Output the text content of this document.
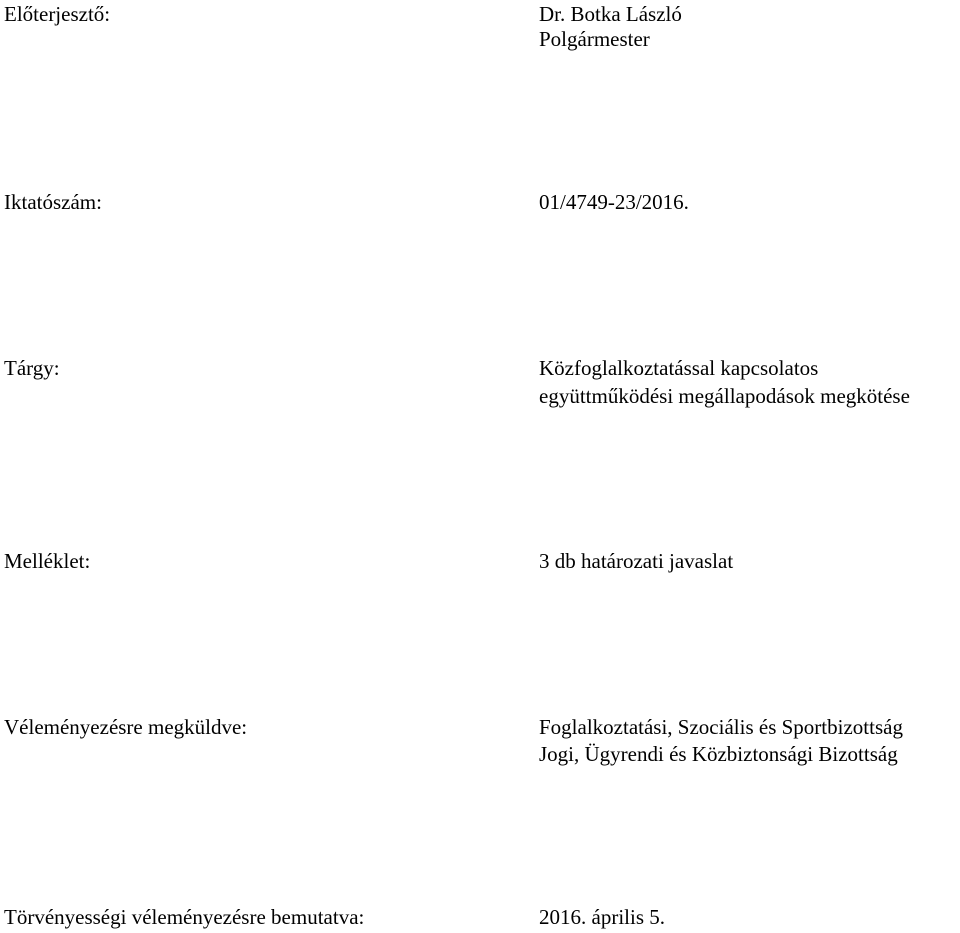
Előterjesztő:	Dr. Botka László
Polgármester
Iktatószám:	01/4749-23/2016.
Tárgy:	Közfoglalkoztatással kapcsolatos
együttműködési megállapodások megkötése
Melléklet:	3 db határozati javaslat
Véleményezésre megküldve:	Foglalkoztatási, Szociális és Sportbizottság
Jogi, Ügyrendi és Közbiztonsági Bizottság
Törvényességi véleményezésre bemutatva:	2016. április 5.
